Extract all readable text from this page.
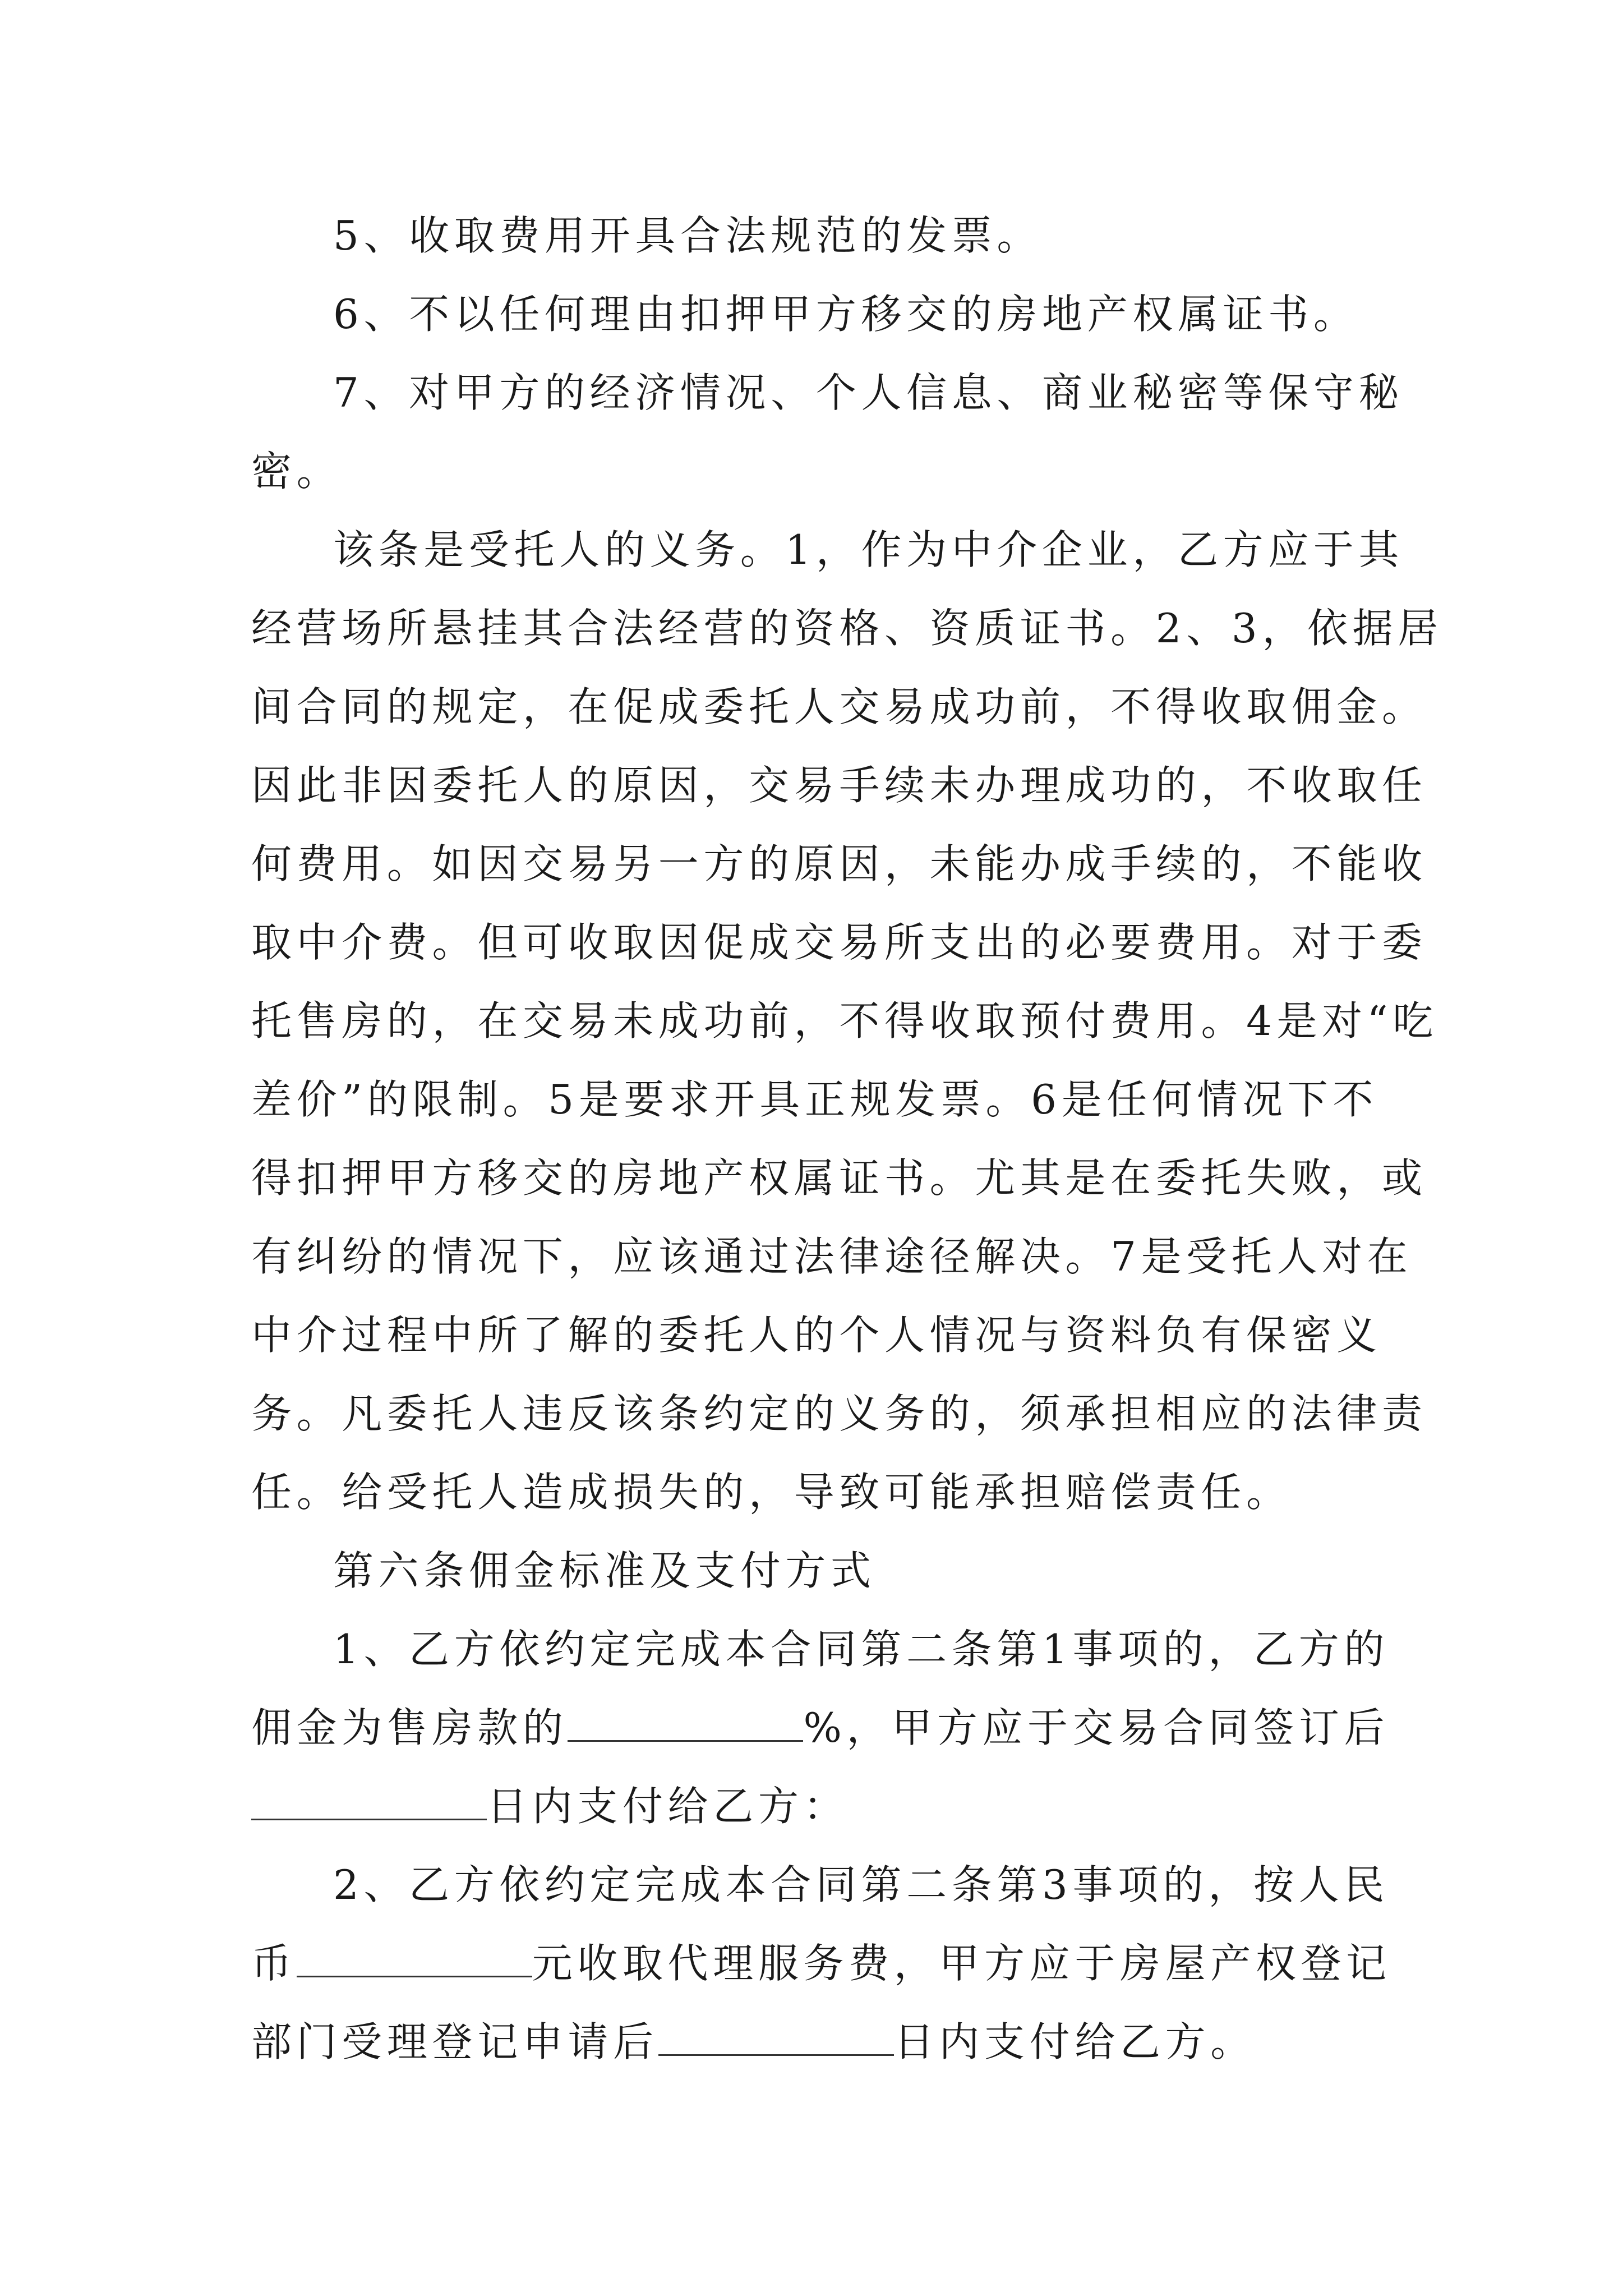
5、收取费用开具合法规范的发票。
6、不以任何理由扣押甲方移交的房地产权属证书。
7、对甲方的经济情况、个人信息、商业秘密等保守秘
密。
该条是受托人的义务。1，作为中介企业，乙方应于其
经营场所悬挂其合法经营的资格、资质证书。2、3，依据居
间合同的规定，在促成委托人交易成功前，不得收取佣金。
因此非因委托人的原因，交易手续未办理成功的，不收取任
何费用。如因交易另一方的原因，未能办成手续的，不能收
取中介费。但可收取因促成交易所支出的必要费用。对于委
托售房的，在交易未成功前，不得收取预付费用。4是对“吃
差价”的限制。5是要求开具正规发票。6是任何情况下不
得扣押甲方移交的房地产权属证书。尤其是在委托失败，或
有纠纷的情况下，应该通过法律途径解决。7是受托人对在
中介过程中所了解的委托人的个人情况与资料负有保密义
务。凡委托人违反该条约定的义务的，须承担相应的法律责
任。给受托人造成损失的，导致可能承担赔偿责任。
第六条佣金标准及支付方式
1、乙方依约定完成本合同第二条第1事项的，乙方的
佣金为售房款的	%，甲方应于交易合同签订后
日内支付给乙方：
2、乙方依约定完成本合同第二条第3事项的，按人民
币	元收取代理服务费，甲方应于房屋产权登记
部门受理登记申请后	日内支付给乙方。
